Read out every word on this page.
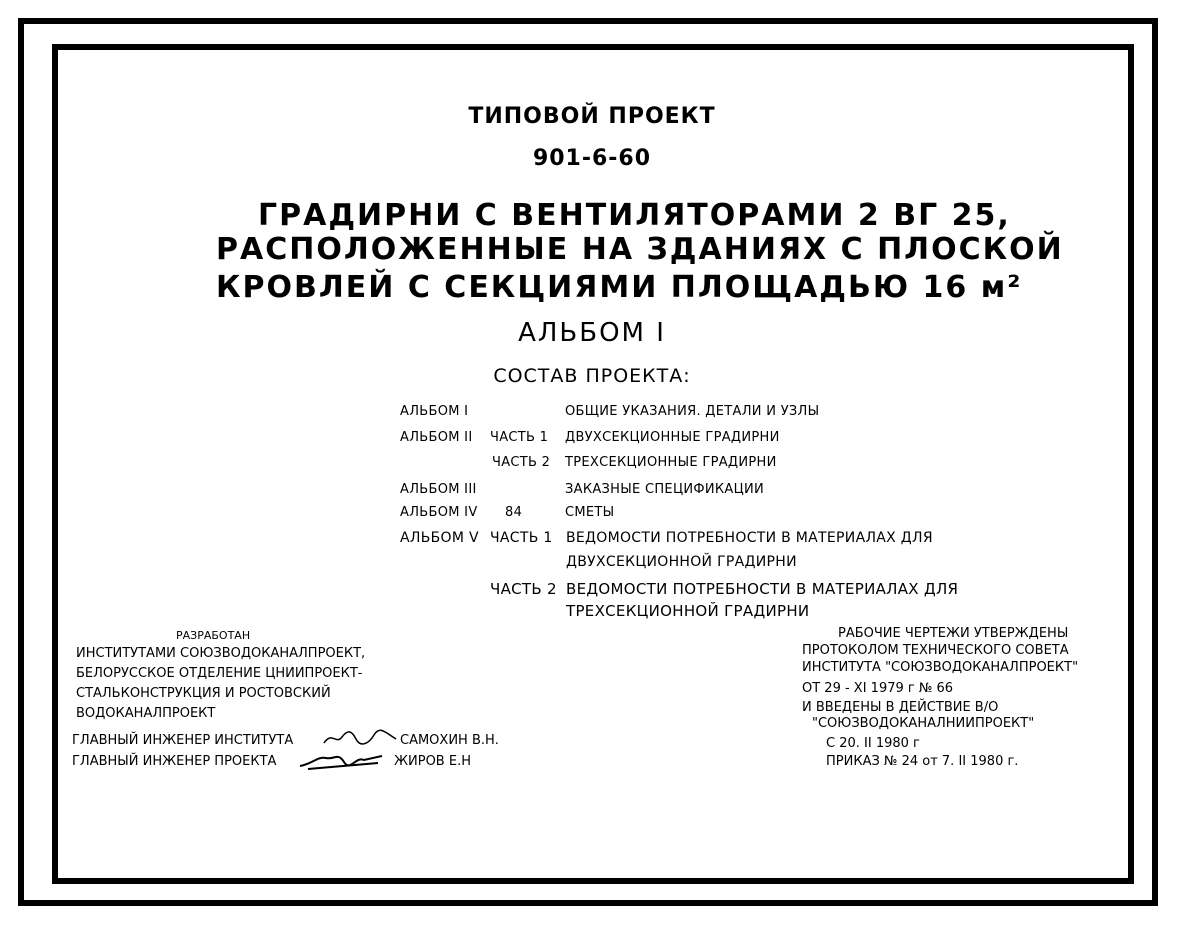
ТИПОВОЙ ПРОЕКТ
901-6-60
ГРАДИРНИ С ВЕНТИЛЯТОРАМИ 2 ВГ 25,
РАСПОЛОЖЕННЫЕ НА ЗДАНИЯХ С ПЛОСКОЙ
КРОВЛЕЙ С СЕКЦИЯМИ ПЛОЩАДЬЮ 16 м²
АЛЬБОМ I
СОСТАВ ПРОЕКТА:
АЛЬБОМ I	ОБЩИЕ УКАЗАНИЯ. ДЕТАЛИ И УЗЛЫ
АЛЬБОМ II ЧАСТЬ 1 ДВУХСЕКЦИОННЫЕ ГРАДИРНИ
ЧАСТЬ 2 ТРЕХСЕКЦИОННЫЕ ГРАДИРНИ
АЛЬБОМ III	ЗАКАЗНЫЕ СПЕЦИФИКАЦИИ
АЛЬБОМ IV 84	СМЕТЫ
АЛЬБОМ V ЧАСТЬ 1 ВЕДОМОСТИ ПОТРЕБНОСТИ В МАТЕРИАЛАХ ДЛЯ
ДВУХСЕКЦИОННОЙ ГРАДИРНИ
ЧАСТЬ 2 ВЕДОМОСТИ ПОТРЕБНОСТИ В МАТЕРИАЛАХ ДЛЯ
ТРЕХСЕКЦИОННОЙ ГРАДИРНИ
РАЗРАБОТАН
ИНСТИТУТАМИ СОЮЗВОДОКАНАЛПРОЕКТ,
БЕЛОРУССКОЕ ОТДЕЛЕНИЕ ЦНИИПРОЕКТ-
СТАЛЬКОНСТРУКЦИЯ И РОСТОВСКИЙ
ВОДОКАНАЛПРОЕКТ
ГЛАВНЫЙ ИНЖЕНЕР ИНСТИТУТА	САМОХИН В.Н.
ГЛАВНЫЙ ИНЖЕНЕР ПРОЕКТА	ЖИРОВ Е.Н
РАБОЧИЕ ЧЕРТЕЖИ УТВЕРЖДЕНЫ
ПРОТОКОЛОМ ТЕХНИЧЕСКОГО СОВЕТА
ИНСТИТУТА "СОЮЗВОДОКАНАЛПРОЕКТ"
ОТ 29 - XI 1979 г № 66
И ВВЕДЕНЫ В ДЕЙСТВИЕ В/О
"СОЮЗВОДОКАНАЛНИИПРОЕКТ"
С 20. II 1980 г
ПРИКАЗ № 24 от 7. II 1980 г.
